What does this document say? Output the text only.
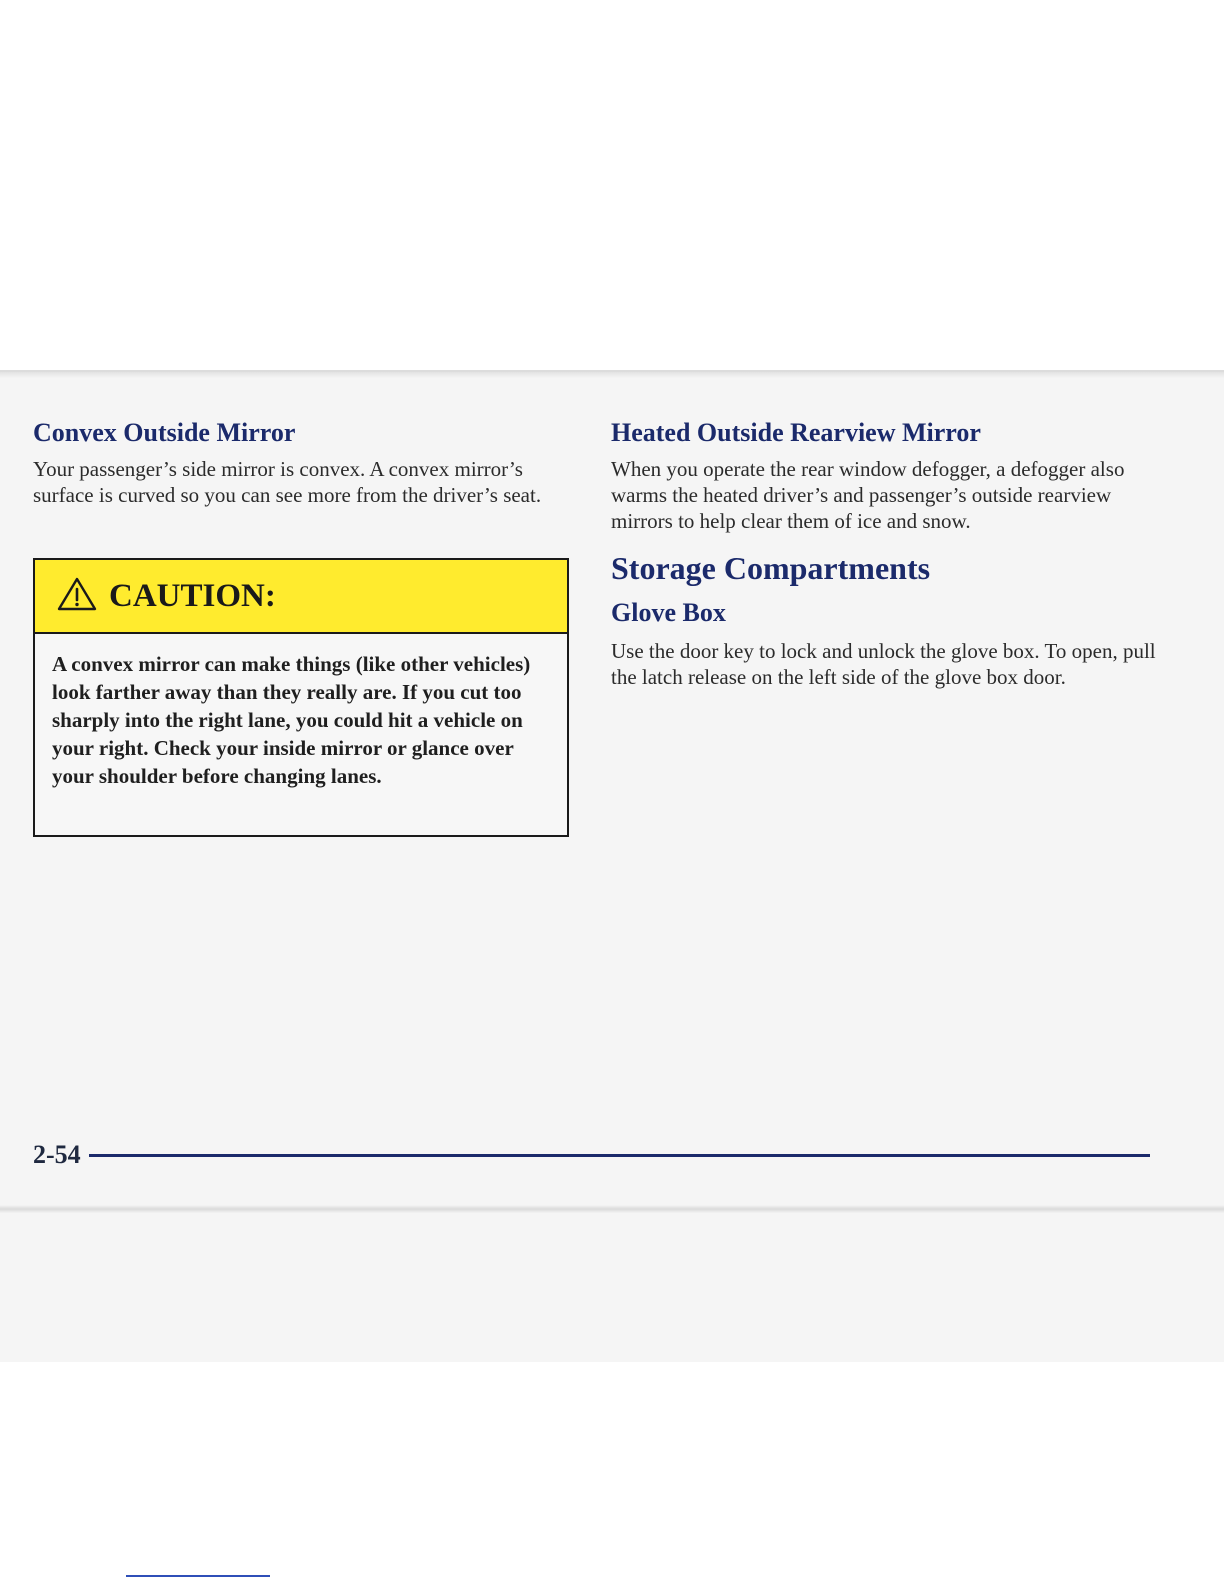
Convex Outside Mirror

Your passenger’s side mirror is convex. A convex mirror’s surface is curved so you can see more from the driver’s seat.

CAUTION:
A convex mirror can make things (like other vehicles) look farther away than they really are. If you cut too sharply into the right lane, you could hit a vehicle on your right. Check your inside mirror or glance over your shoulder before changing lanes.
Heated Outside Rearview Mirror

When you operate the rear window defogger, a defogger also warms the heated driver’s and passenger’s outside rearview mirrors to help clear them of ice and snow.

Storage Compartments
Glove Box

Use the door key to lock and unlock the glove box. To open, pull the latch release on the left side of the glove box door.

2-54
